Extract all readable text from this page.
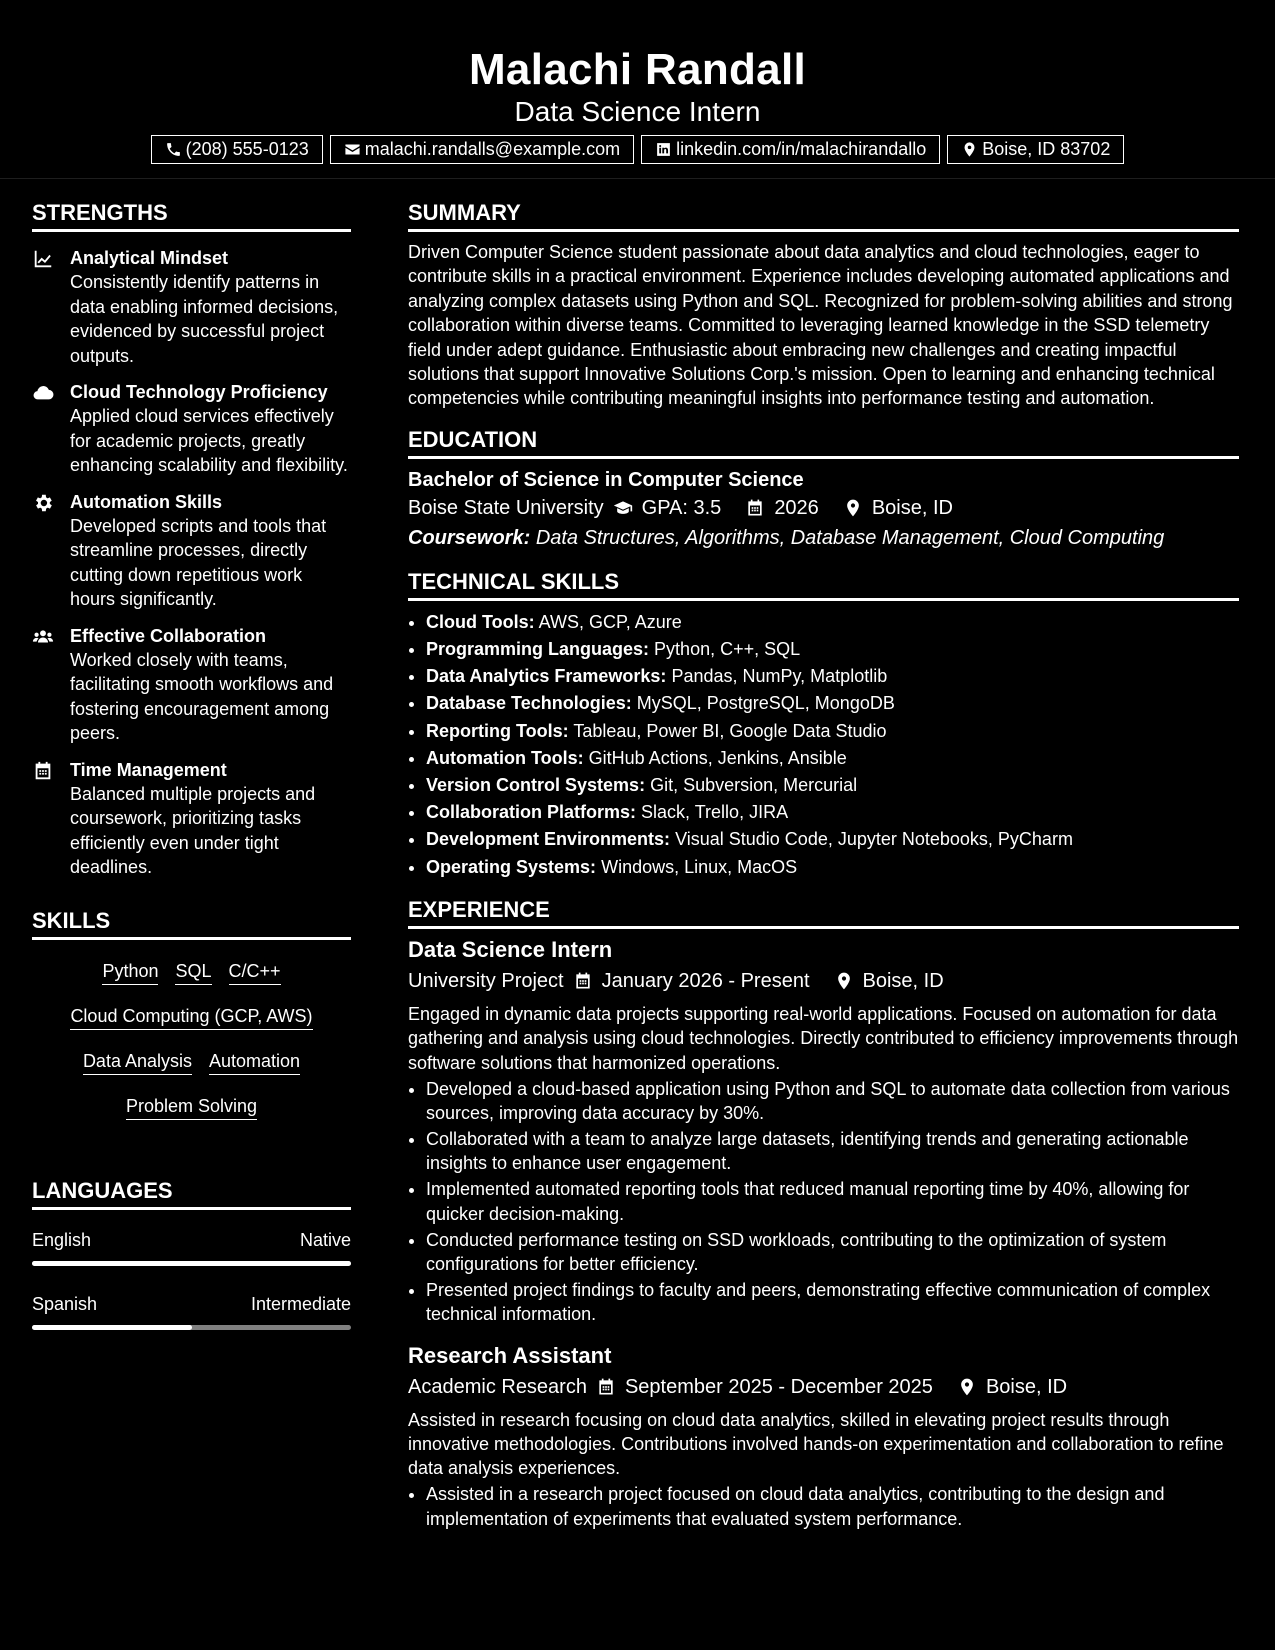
Malachi Randall
Data Science Intern
(208) 555-0123	malachi.randalls@example.com	linkedin.com/in/malachirandallo	Boise, ID 83702
STRENGTHS
Analytical Mindset
Consistently identify patterns in data enabling informed decisions, evidenced by successful project outputs.
Cloud Technology Proficiency
Applied cloud services effectively for academic projects, greatly enhancing scalability and flexibility.
Automation Skills
Developed scripts and tools that streamline processes, directly cutting down repetitious work hours significantly.
Effective Collaboration
Worked closely with teams, facilitating smooth workflows and fostering encouragement among peers.
Time Management
Balanced multiple projects and coursework, prioritizing tasks efficiently even under tight deadlines.
SKILLS
Python SQL C/C++
Cloud Computing (GCP, AWS)
Data Analysis Automation
Problem Solving
LANGUAGES
English	Native
Spanish	Intermediate
SUMMARY

Driven Computer Science student passionate about data analytics and cloud technologies, eager to contribute skills in a practical environment. Experience includes developing automated applications and analyzing complex datasets using Python and SQL. Recognized for problem-solving abilities and strong collaboration within diverse teams. Committed to leveraging learned knowledge in the SSD telemetry field under adept guidance. Enthusiastic about embracing new challenges and creating impactful solutions that support Innovative Solutions Corp.'s mission. Open to learning and enhancing technical competencies while contributing meaningful insights into performance testing and automation.

EDUCATION
Bachelor of Science in Computer Science
Boise State University GPA: 3.5	2026	Boise, ID
Coursework: Data Structures, Algorithms, Database Management, Cloud Computing
TECHNICAL SKILLS
• Cloud Tools: AWS, GCP, Azure
• Programming Languages: Python, C++, SQL
• Data Analytics Frameworks: Pandas, NumPy, Matplotlib
• Database Technologies: MySQL, PostgreSQL, MongoDB
• Reporting Tools: Tableau, Power BI, Google Data Studio
• Automation Tools: GitHub Actions, Jenkins, Ansible
• Version Control Systems: Git, Subversion, Mercurial
• Collaboration Platforms: Slack, Trello, JIRA
• Development Environments: Visual Studio Code, Jupyter Notebooks, PyCharm
• Operating Systems: Windows, Linux, MacOS
EXPERIENCE
Data Science Intern
University Project January 2026 - Present	Boise, ID

Engaged in dynamic data projects supporting real-world applications. Focused on automation for data gathering and analysis using cloud technologies. Directly contributed to efficiency improvements through software solutions that harmonized operations.

• Developed a cloud-based application using Python and SQL to automate data collection from various sources, improving data accuracy by 30%.
• Collaborated with a team to analyze large datasets, identifying trends and generating actionable insights to enhance user engagement.
• Implemented automated reporting tools that reduced manual reporting time by 40%, allowing for quicker decision-making.
• Conducted performance testing on SSD workloads, contributing to the optimization of system configurations for better efficiency.
• Presented project findings to faculty and peers, demonstrating effective communication of complex technical information.
Research Assistant
Academic Research September 2025 - December 2025	Boise, ID

Assisted in research focusing on cloud data analytics, skilled in elevating project results through innovative methodologies. Contributions involved hands-on experimentation and collaboration to refine data analysis experiences.

• Assisted in a research project focused on cloud data analytics, contributing to the design and implementation of experiments that evaluated system performance.
